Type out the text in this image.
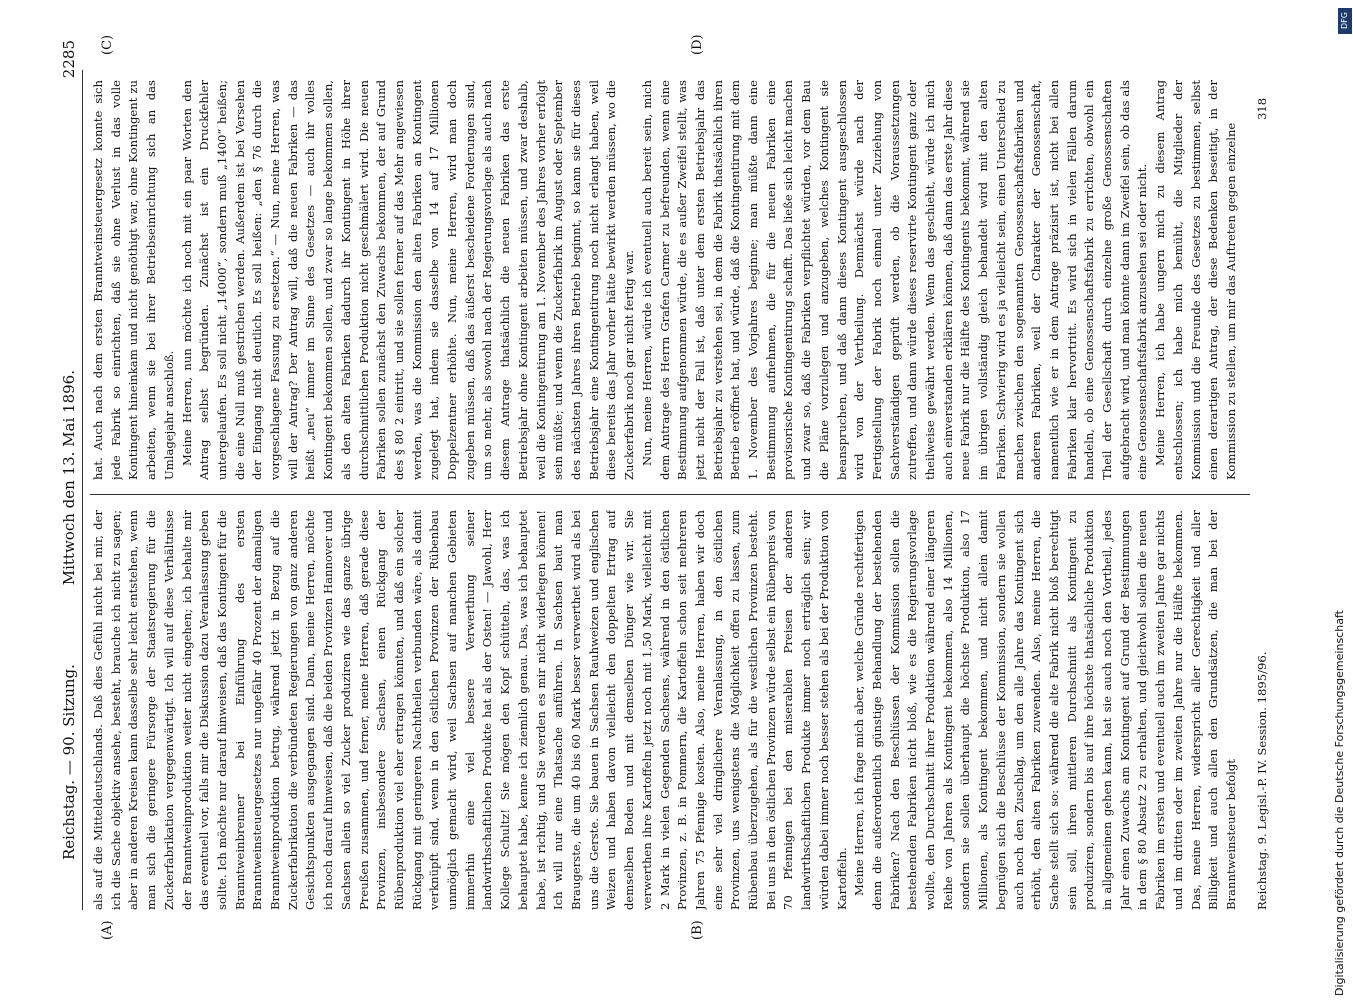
Reichstag. — 90. Sitzung.
Mittwoch den 13. Mai 1896.
2285
(A)	(B)
(C)	(D)

als auf die Mitteldeutschlands. Daß dies Gefühl nicht bei mir, der ich die Sache objektiv ansehe, besteht, brauche ich nicht zu sagen; aber in anderen Kreisen kann dasselbe sehr leicht entstehen, wenn man sich die geringere Fürsorge der Staatsregierung für die Zuckerfabrikation vergegenwärtigt. Ich will auf diese Verhältnisse der Branntweinproduktion weiter nicht eingehen; ich behalte mir das eventuell vor, falls mir die Diskussion dazu Veranlassung geben sollte. Ich möchte nur darauf hinweisen, daß das Kontingent für die Branntweinbrenner bei Einführung des ersten Branntweinsteuergesetzes nur ungefähr 40 Prozent der damaligen Branntweinproduktion betrug, während jetzt in Bezug auf die Zuckerfabrikation die verbündeten Regierungen von ganz anderen Gesichtspunkten ausgegangen sind. Dann, meine Herren, möchte ich noch darauf hinweisen, daß die beiden Provinzen Hannover und Sachsen allein so viel Zucker produziren wie das ganze übrige Preußen zusammen, und ferner, meine Herren, daß gerade diese Provinzen, insbesondere Sachsen, einen Rückgang der Rübenproduktion viel eher ertragen könnten, und daß ein solcher Rückgang mit geringeren Nachtheilen verbunden wäre, als damit verknüpft sind, wenn in den östlichen Provinzen der Rübenbau unmöglich gemacht wird, weil Sachsen auf manchen Gebieten immerhin eine viel bessere Verwerthung seiner landwirthschaftlichen Produkte hat als der Osten! — Jawohl, Herr Kollege Schultz! Sie mögen den Kopf schütteln, das, was ich behauptet habe, kenne ich ziemlich genau. Das, was ich behauptet habe, ist richtig, und Sie werden es mir nicht widerlegen können! Ich will nur eine Thatsache anführen. In Sachsen baut man Braugerste, die um 40 bis 60 Mark besser verwerthet wird als bei uns die Gerste. Sie bauen in Sachsen Rauhweizen und englischen Weizen und haben davon vielleicht den doppelten Ertrag auf demselben Boden und mit demselben Dünger wie wir. Sie verwerthen ihre Kartoffeln jetzt noch mit 1,50 Mark, vielleicht mit 2 Mark in vielen Gegenden Sachsens, während in den östlichen Provinzen, z. B. in Pommern, die Kartoffeln schon seit mehreren Jahren 75 Pfennige kosten. Also, meine Herren, haben wir doch eine sehr viel dringlichere Veranlassung, in den östlichen Provinzen, uns wenigstens die Möglichkeit offen zu lassen, zum Rübenbau überzugehen, als für die westlichen Provinzen besteht. Bei uns in den östlichen Provinzen würde selbst ein Rübenpreis von 70 Pfennigen bei den miserablen Preisen der anderen landwirthschaftlichen Produkte immer noch erträglich sein; wir würden dabei immer noch besser stehen als bei der Produktion von Kartoffeln. Meine Herren, ich frage mich aber, welche Gründe rechtfertigen denn die außerordentlich günstige Behandlung der bestehenden Fabriken? Nach den Beschlüssen der Kommission sollen die bestehenden Fabriken nicht bloß, wie es die Regierungsvorlage wollte, den Durchschnitt ihrer Produktion während einer längeren Reihe von Jahren als Kontingent bekommen, also 14 Millionen, sondern sie sollen überhaupt die höchste Produktion, also 17 Millionen, als Kontingent bekommen, und nicht allein damit begnügen sich die Beschlüsse der Kommission, sondern sie wollen auch noch den Zuschlag, um den alle Jahre das Kontingent sich erhöht, den alten Fabriken zuwenden. Also, meine Herren, die Sache stellt sich so: während die alte Fabrik nicht bloß berechtigt sein soll, ihren mittleren Durchschnitt als Kontingent zu produziren, sondern bis auf ihre höchste thatsächliche Produktion in allgemeinen gehen kann, hat sie auch noch den Vortheil, jedes Jahr einen Zuwachs am Kontingent auf Grund der Bestimmungen in dem § 80 Absatz 2 zu erhalten, und gleichwohl sollen die neuen Fabriken im ersten und eventuell auch im zweiten Jahre gar nichts und im dritten oder im zweiten Jahre nur die Hälfte bekommen. Das, meine Herren, widerspricht aller Gerechtigkeit und aller Billigkeit und auch allen den Grundsätzen, die man bei der Branntweinsteuer befolgt

hat. Auch nach dem ersten Branntweinsteuergesetz konnte sich jede Fabrik so einrichten, daß sie ohne Verlust in das volle Kontingent hineinkam und nicht genöthigt war, ohne Kontingent zu arbeiten, wenn sie bei ihrer Betriebseinrichtung sich an das Umlagejahr anschloß. Meine Herren, nun möchte ich noch mit ein paar Worten den Antrag selbst begründen. Zunächst ist ein Druckfehler untergelaufen. Es soll nicht „14000“, sondern muß „1400“ heißen; die eine Null muß gestrichen werden. Außerdem ist bei Versehen der Eingang nicht deutlich. Es soll heißen: „den § 76 durch die vorgeschlagene Fassung zu ersetzen.“ — Nun, meine Herren, was will der Antrag? Der Antrag will, daß die neuen Fabriken — das heißt „neu“ immer im Sinne des Gesetzes — auch ihr volles Kontingent bekommen sollen, und zwar so lange bekommen sollen, als den alten Fabriken dadurch ihr Kontingent in Höhe ihrer durchschnittlichen Produktion nicht geschmälert wird. Die neuen Fabriken sollen zunächst den Zuwachs bekommen, der auf Grund des § 80 2 eintritt, und sie sollen ferner auf das Mehr angewiesen werden, was die Kommission den alten Fabriken an Kontingent zugelegt hat, indem sie dasselbe von 14 auf 17 Millionen Doppelzentner erhöhte. Nun, meine Herren, wird man doch zugeben müssen, daß das äußerst bescheidene Forderungen sind, um so mehr, als sowohl nach der Regierungsvorlage als auch nach diesem Antrage thatsächlich die neuen Fabriken das erste Betriebsjahr ohne Kontingent arbeiten müssen, und zwar deshalb, weil die Kontingentirung am 1. November des Jahres vorher erfolgt sein müßte; und wenn die Zuckerfabrik im August oder September des nächsten Jahres ihren Betrieb beginnt, so kann sie für dieses Betriebsjahr eine Kontingentirung noch nicht erlangt haben, weil diese bereits das Jahr vorher hätte bewirkt werden müssen, wo die Zuckerfabrik noch gar nicht fertig war. Nun, meine Herren, würde ich eventuell auch bereit sein, mich dem Antrage des Herrn Grafen Carmer zu befreunden, wenn eine Bestimmung aufgenommen würde, die es außer Zweifel stellt, was jetzt nicht der Fall ist, daß unter dem ersten Betriebsjahr das Betriebsjahr zu verstehen sei, in dem die Fabrik thatsächlich ihren Betrieb eröffnet hat, und würde, daß die Kontingentirung mit dem 1. November des Vorjahres beginne; man müßte dann eine Bestimmung aufnehmen, die für die neuen Fabriken eine provisorische Kontingentirung schafft. Das ließe sich leicht machen und zwar so, daß die Fabriken verpflichtet würden, vor dem Bau die Pläne vorzulegen und anzugeben, welches Kontingent sie beanspruchen, und daß dann dieses Kontingent ausgeschlossen wird von der Vertheilung. Demnächst würde nach der Fertigstellung der Fabrik noch einmal unter Zuziehung von Sachverständigen geprüft werden, ob die Voraussetzungen zutreffen, und dann würde dieses reservirte Kontingent ganz oder theilweise gewährt werden. Wenn das geschieht, würde ich mich auch einverstanden erklären können, daß dann das erste Jahr diese neue Fabrik nur die Hälfte des Kontingents bekommt, während sie im übrigen vollständig gleich behandelt wird mit den alten Fabriken. Schwierig wird es ja vielleicht sein, einen Unterschied zu machen zwischen den sogenannten Genossenschaftsfabriken und anderen Fabriken, weil der Charakter der Genossenschaft, namentlich wie er in dem Antrage präzisirt ist, nicht bei allen Fabriken klar hervortritt. Es wird sich in vielen Fällen darum handeln, ob eine Genossenschaftsfabrik zu errichten, obwohl ein Theil der Gesellschaft durch einzelne große Genossenschaften aufgebracht wird, und man könnte dann im Zweifel sein, ob das als eine Genossenschaftsfabrik anzusehen sei oder nicht. Meine Herren, ich habe ungern mich zu diesem Antrag entschlossen; ich habe mich bemüht, die Mitglieder der Kommission und die Freunde des Gesetzes zu bestimmen, selbst einen derartigen Antrag, der diese Bedenken beseitigt, in der Kommission zu stellen, um mir das Auftreten gegen einzelne

Reichstag. 9. Legisl.-P. IV. Session. 1895/96.
318
Digitalisierung gefördert durch die Deutsche Forschungsgemeinschaft
DFG
